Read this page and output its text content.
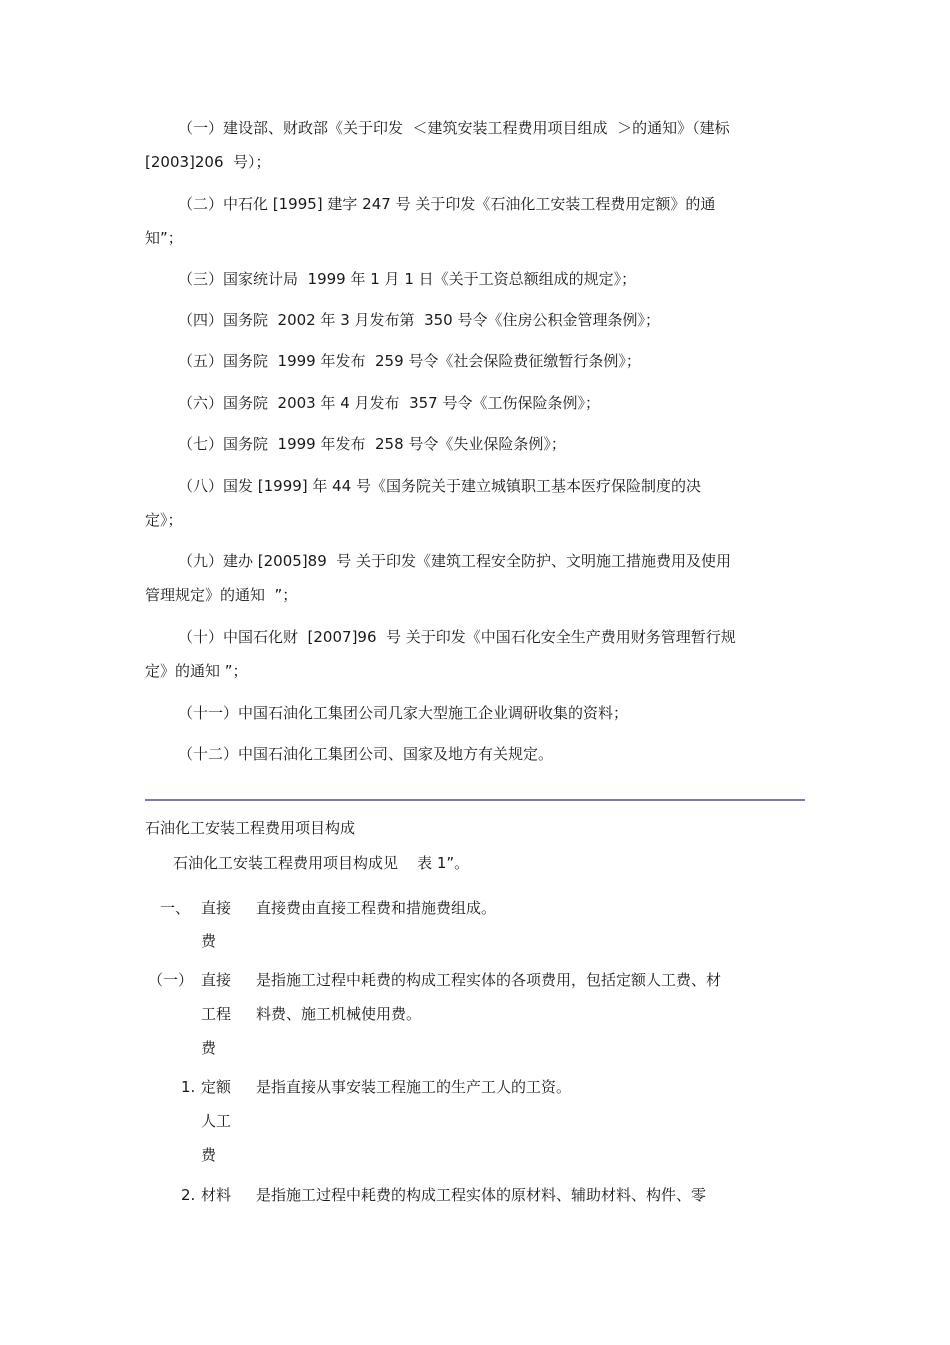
（一）建设部、财政部《关于印发  ＜建筑安装工程费用项目组成  ＞的通知》（建标
[2003]206  号）；
（二）中石化 [1995] 建字 247 号 关于印发《石油化工安装工程费用定额》的通
知”；
（三）国家统计局  1999 年 1 月 1 日《关于工资总额组成的规定》；
（四）国务院  2002 年 3 月发布第  350 号令《住房公积金管理条例》；
（五）国务院  1999 年发布  259 号令《社会保险费征缴暂行条例》；
（六）国务院  2003 年 4 月发布  357 号令《工伤保险条例》；
（七）国务院  1999 年发布  258 号令《失业保险条例》；
（八）国发 [1999] 年 44 号《国务院关于建立城镇职工基本医疗保险制度的决
定》；
（九）建办 [2005]89  号 关于印发《建筑工程安全防护、文明施工措施费用及使用
管理规定》的通知  ”；
（十）中国石化财  [2007]96  号 关于印发《中国石化安全生产费用财务管理暂行规
定》的通知 ”；
（十一）中国石油化工集团公司几家大型施工企业调研收集的资料；
（十二）中国石油化工集团公司、国家及地方有关规定。
石油化工安装工程费用项目构成
石油化工安装工程费用项目构成见    表 1”。
一、 直接
费
直接费由直接工程费和措施费组成。
（一） 直接
工程
费
是指施工过程中耗费的构成工程实体的各项费用，包括定额人工费、材
料费、施工机械使用费。
1. 定额
人工
费
是指直接从事安装工程施工的生产工人的工资。
2. 材料 是指施工过程中耗费的构成工程实体的原材料、辅助材料、构件、零
